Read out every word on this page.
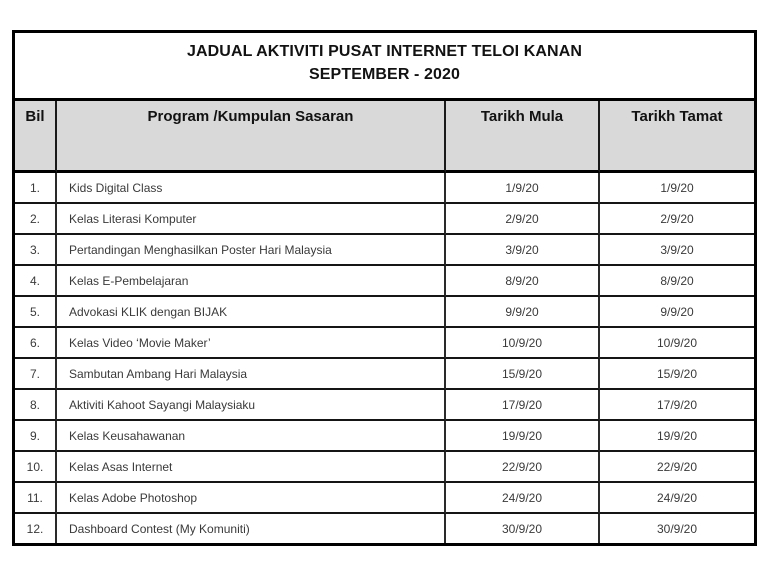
JADUAL AKTIVITI PUSAT INTERNET TELOI KANAN
SEPTEMBER - 2020
Bil	Program /Kumpulan Sasaran	Tarikh Mula	Tarikh Tamat
1.	Kids Digital Class	1/9/20	1/9/20
2.	Kelas Literasi Komputer	2/9/20	2/9/20
3.	Pertandingan Menghasilkan Poster Hari Malaysia	3/9/20	3/9/20
4.	Kelas E-Pembelajaran	8/9/20	8/9/20
5.	Advokasi KLIK dengan BIJAK	9/9/20	9/9/20
6.	Kelas Video ‘Movie Maker’	10/9/20	10/9/20
7.	Sambutan Ambang Hari Malaysia	15/9/20	15/9/20
8.	Aktiviti Kahoot Sayangi Malaysiaku	17/9/20	17/9/20
9.	Kelas Keusahawanan	19/9/20	19/9/20
10.	Kelas Asas Internet	22/9/20	22/9/20
11.	Kelas Adobe Photoshop	24/9/20	24/9/20
12.	Dashboard Contest (My Komuniti)	30/9/20	30/9/20
